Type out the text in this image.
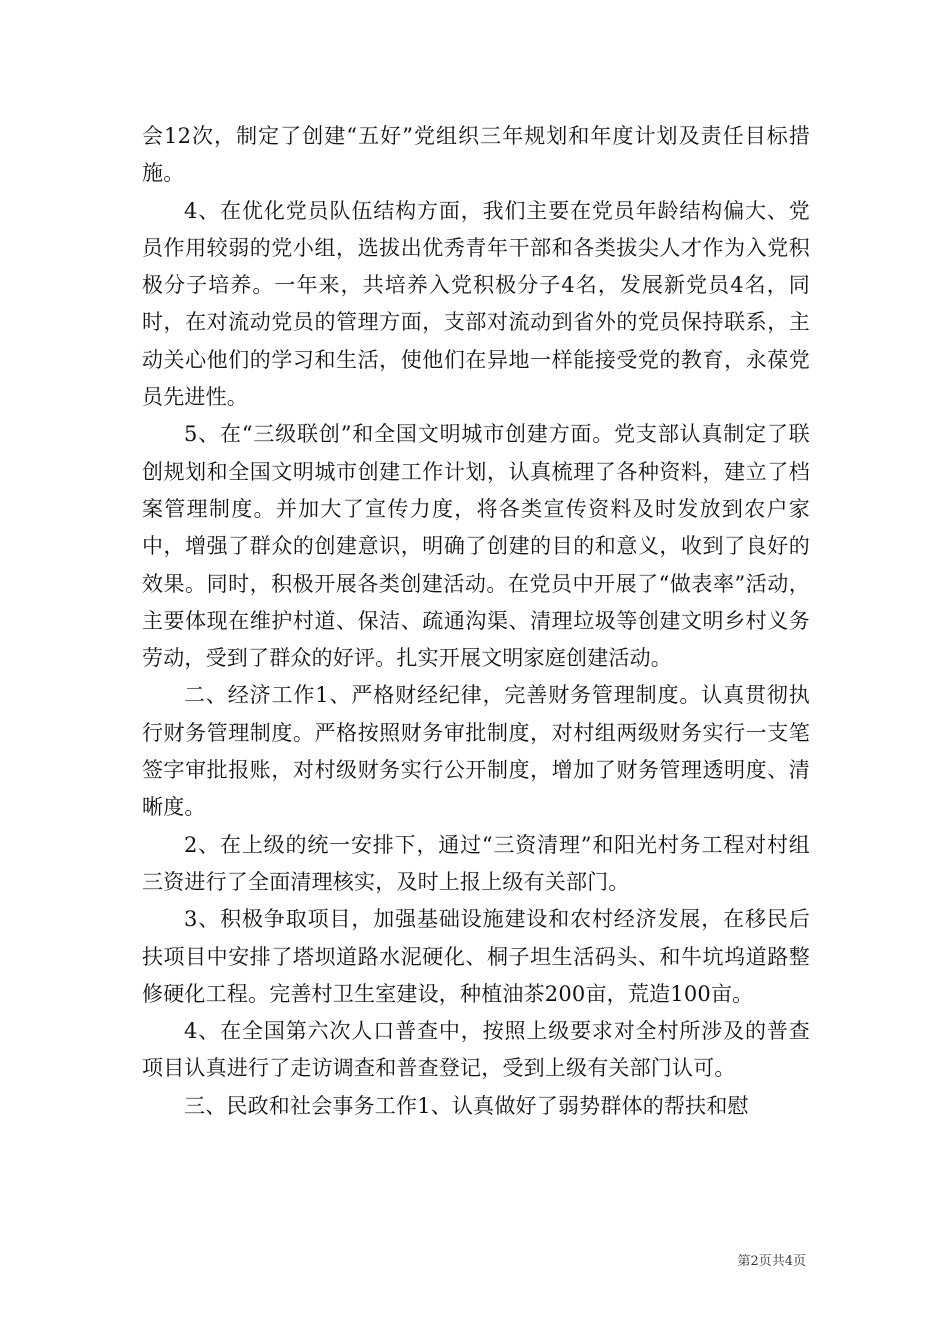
会12次，制定了创建“五好”党组织三年规划和年度计划及责任目标措施。

4、在优化党员队伍结构方面，我们主要在党员年龄结构偏大、党员作用较弱的党小组，选拔出优秀青年干部和各类拔尖人才作为入党积极分子培养。一年来，共培养入党积极分子4名，发展新党员4名，同时，在对流动党员的管理方面，支部对流动到省外的党员保持联系，主动关心他们的学习和生活，使他们在异地一样能接受党的教育，永葆党员先进性。

5、在“三级联创”和全国文明城市创建方面。党支部认真制定了联创规划和全国文明城市创建工作计划，认真梳理了各种资料，建立了档案管理制度。并加大了宣传力度，将各类宣传资料及时发放到农户家中，增强了群众的创建意识，明确了创建的目的和意义，收到了良好的效果。同时，积极开展各类创建活动。在党员中开展了“做表率”活动，主要体现在维护村道、保洁、疏通沟渠、清理垃圾等创建文明乡村义务劳动，受到了群众的好评。扎实开展文明家庭创建活动。

二、经济工作1、严格财经纪律，完善财务管理制度。认真贯彻执行财务管理制度。严格按照财务审批制度，对村组两级财务实行一支笔签字审批报账，对村级财务实行公开制度，增加了财务管理透明度、清晰度。

2、在上级的统一安排下，通过“三资清理”和阳光村务工程对村组三资进行了全面清理核实，及时上报上级有关部门。

3、积极争取项目，加强基础设施建设和农村经济发展，在移民后扶项目中安排了塔坝道路水泥硬化、桐子坦生活码头、和牛坑坞道路整修硬化工程。完善村卫生室建设，种植油茶200亩，荒造100亩。

4、在全国第六次人口普查中，按照上级要求对全村所涉及的普查项目认真进行了走访调查和普查登记，受到上级有关部门认可。

三、民政和社会事务工作1、认真做好了弱势群体的帮扶和慰

第2页共4页
